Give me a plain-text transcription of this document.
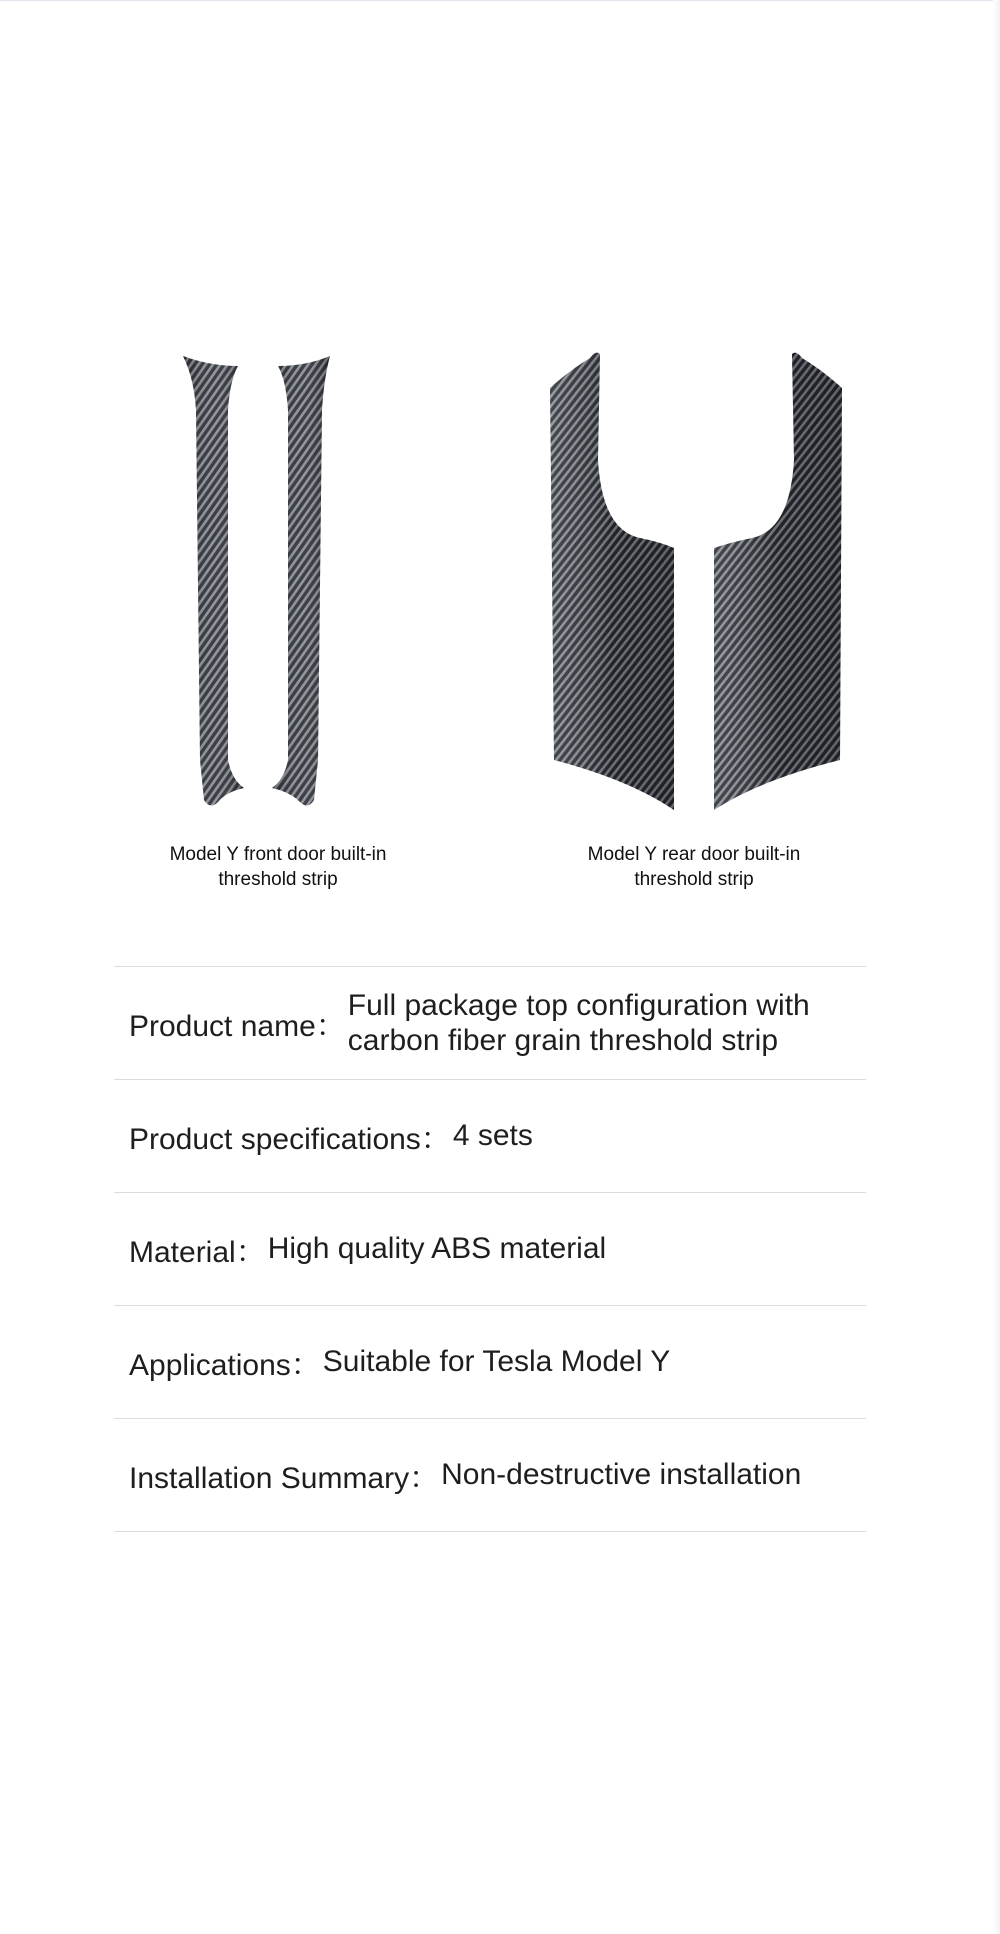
Model Y front door built-in
threshold strip
Model Y rear door built-in
threshold strip
Product name：
Full package top configuration with
carbon fiber grain threshold strip
Product specifications： 4 sets
Material： High quality ABS material
Applications： Suitable for Tesla Model Y
Installation Summary： Non-destructive installation
